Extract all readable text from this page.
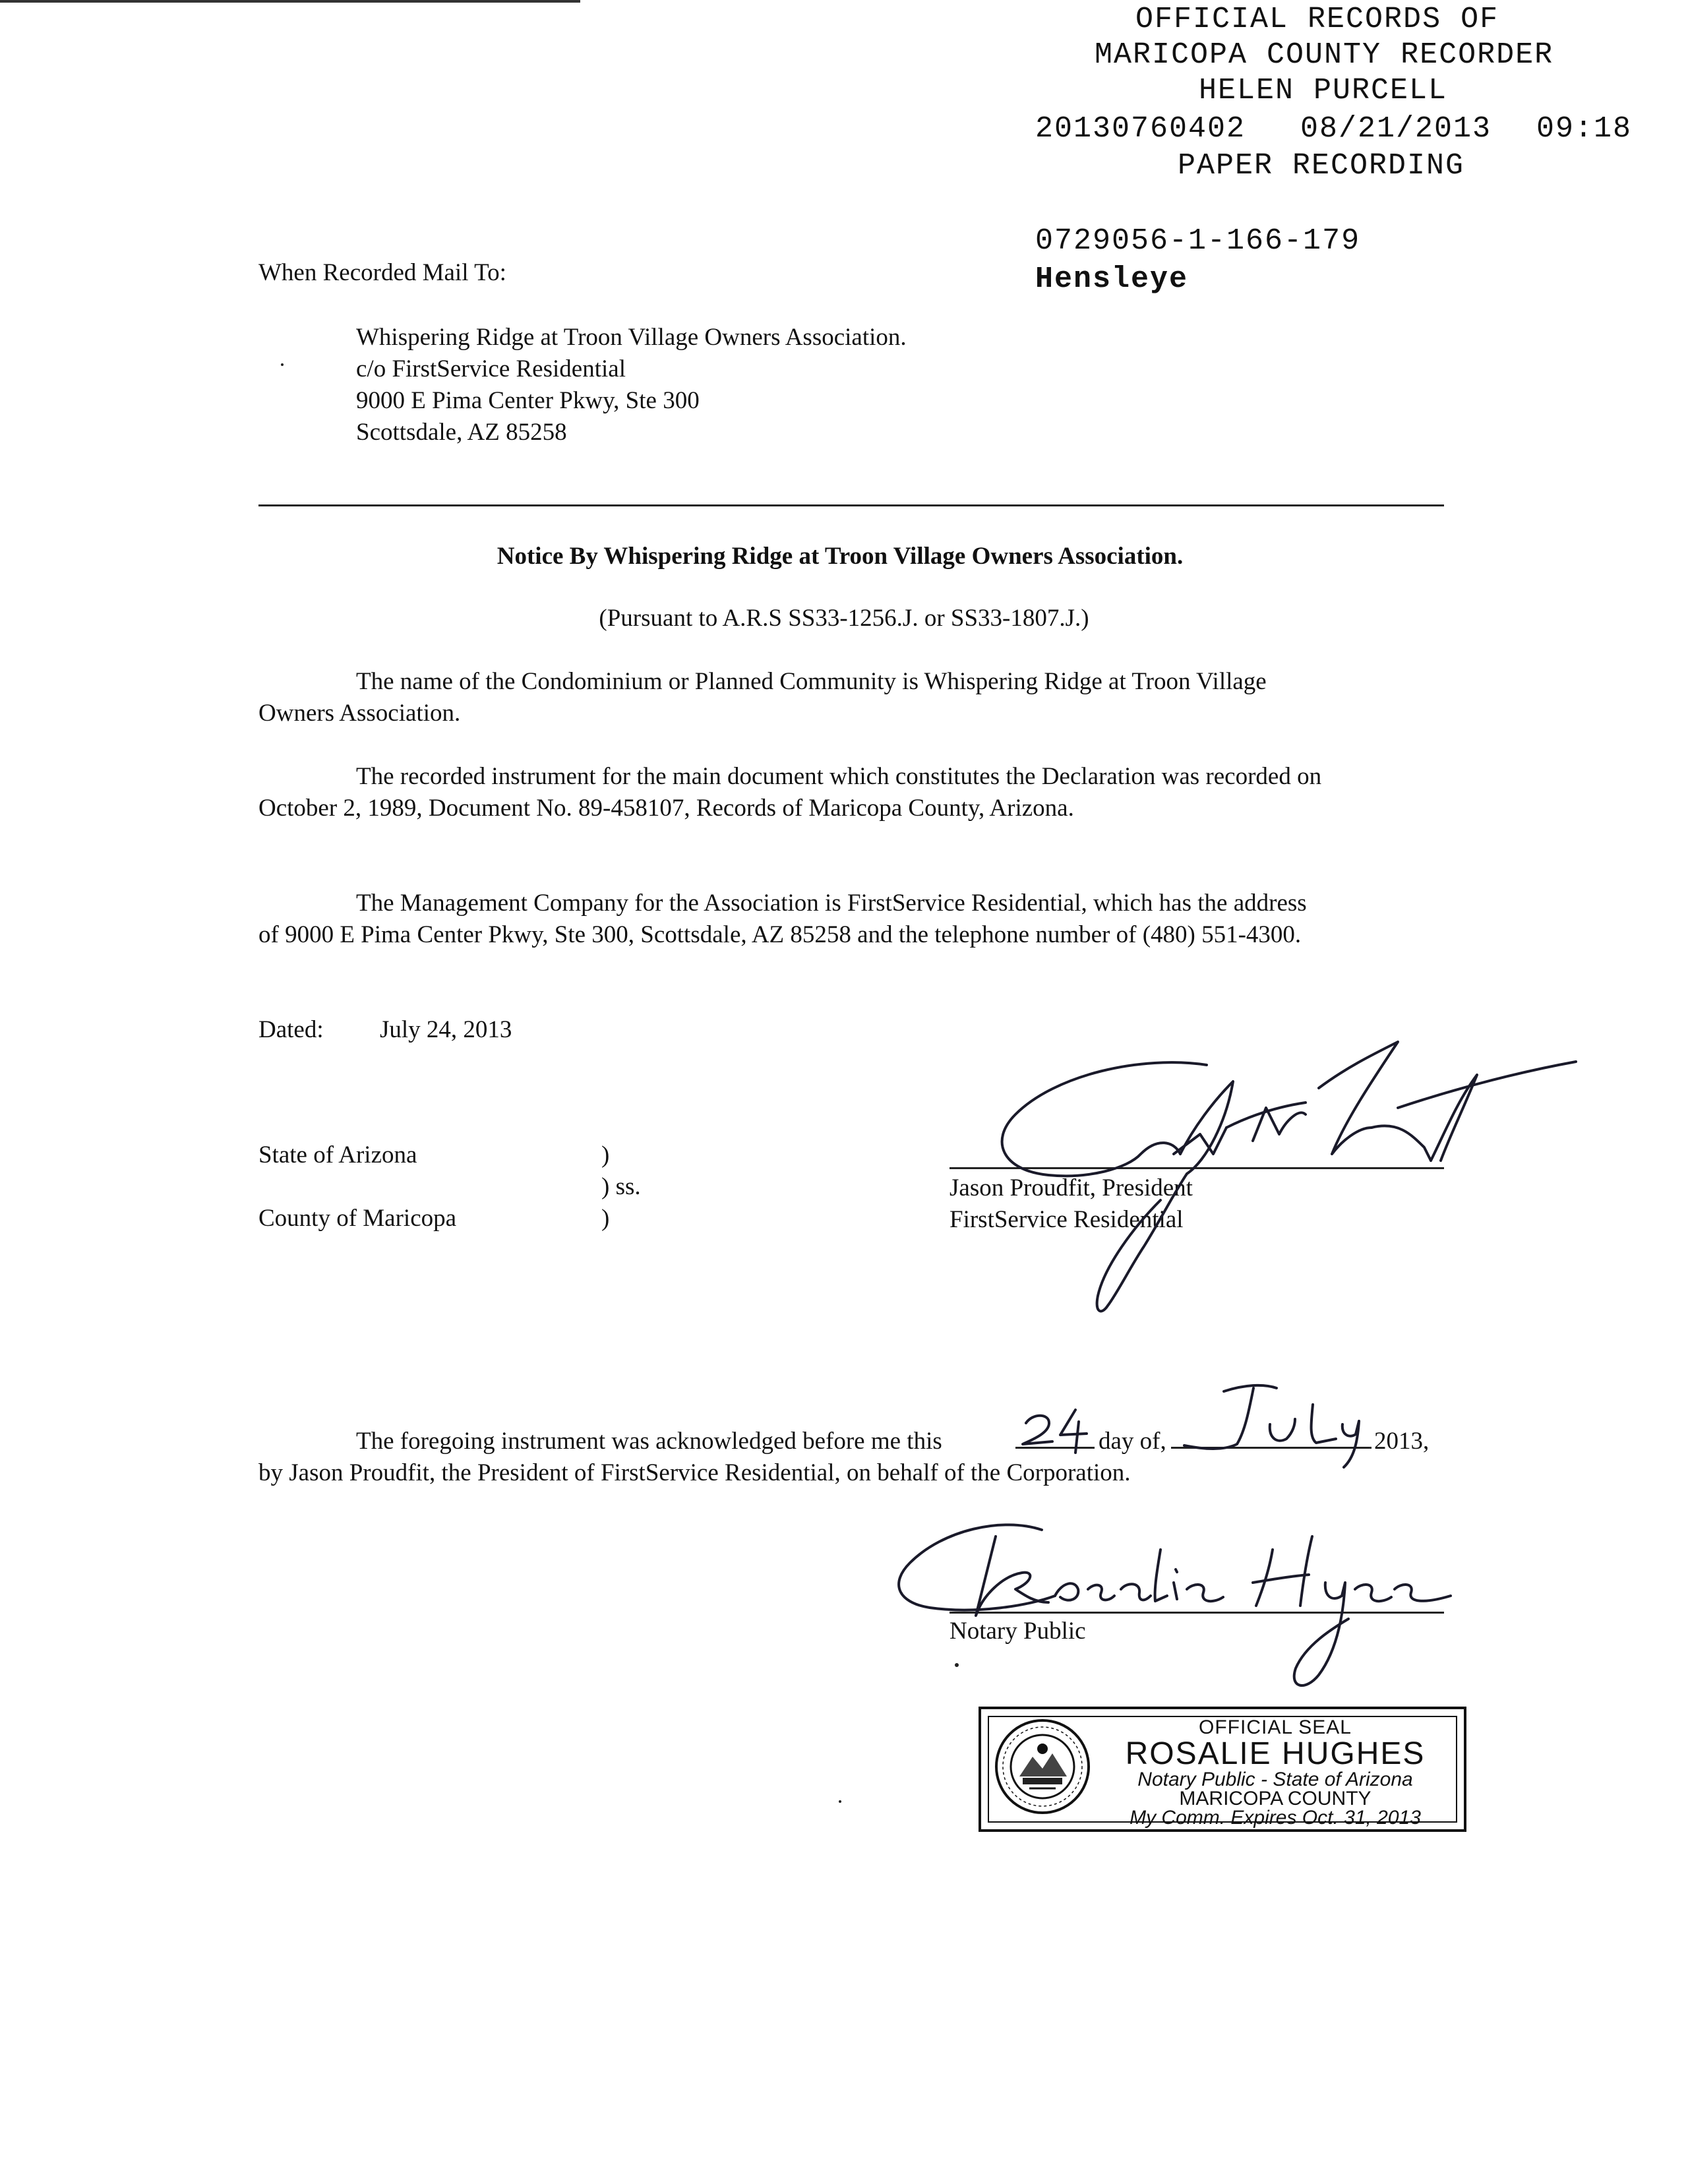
OFFICIAL RECORDS OF
MARICOPA COUNTY RECORDER
HELEN PURCELL
20130760402 08/21/2013 09:18
PAPER RECORDING
0729056-1-166-179
Hensleye
When Recorded Mail To:
Whispering Ridge at Troon Village Owners Association.
c/o FirstService Residential
9000 E Pima Center Pkwy, Ste 300
Scottsdale, AZ 85258
Notice By Whispering Ridge at Troon Village Owners Association.
(Pursuant to A.R.S SS33-1256.J. or SS33-1807.J.)
The name of the Condominium or Planned Community is Whispering Ridge at Troon Village
Owners Association.
The recorded instrument for the main document which constitutes the Declaration was recorded on
October 2, 1989, Document No. 89-458107, Records of Maricopa County, Arizona.
The Management Company for the Association is FirstService Residential, which has the address
of 9000 E Pima Center Pkwy, Ste 300, Scottsdale, AZ 85258 and the telephone number of (480) 551-4300.
Dated: July 24, 2013
State of Arizona
County of Maricopa
)
) ss.
)
Jason Proudfit, President
FirstService Residential
The foregoing instrument was acknowledged before me this	day of,	2013,
by Jason Proudfit, the President of FirstService Residential, on behalf of the Corporation.
Notary Public
OFFICIAL SEAL
ROSALIE HUGHES
Notary Public - State of Arizona
MARICOPA COUNTY
My Comm. Expires Oct. 31, 2013
